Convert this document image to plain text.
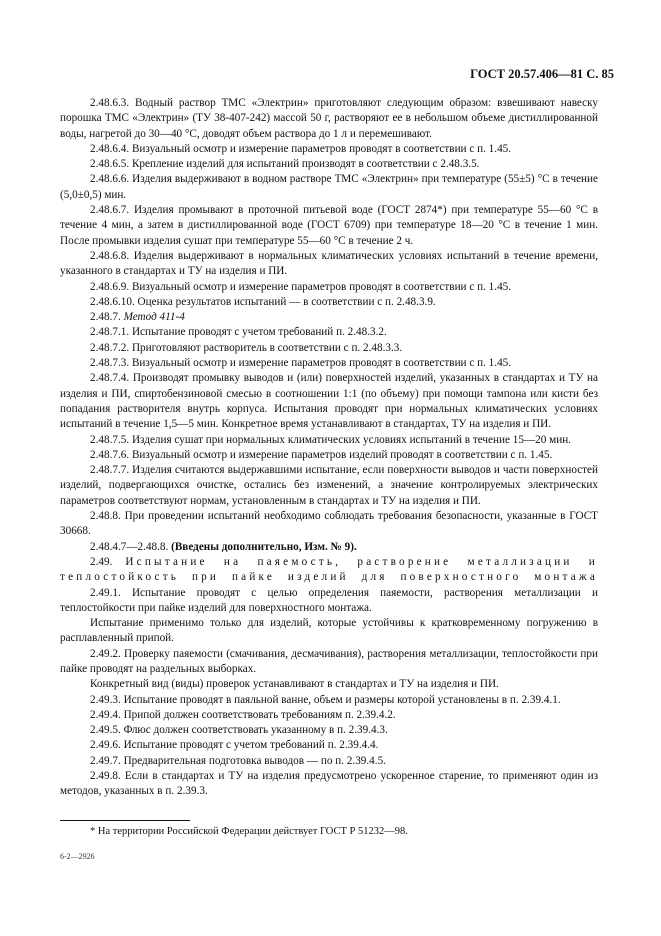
ГОСТ 20.57.406—81 С. 85

2.48.6.3. Водный раствор ТМС «Электрин» приготовляют следующим образом: взвешивают навеску порошка ТМС «Электрин» (ТУ 38-407-242) массой 50 г, растворяют ее в небольшом объеме дистиллированной воды, нагретой до 30—40 °С, доводят объем раствора до 1 л и перемешивают.

2.48.6.4. Визуальный осмотр и измерение параметров проводят в соответствии с п. 1.45.

2.48.6.5. Крепление изделий для испытаний производят в соответствии с 2.48.3.5.

2.48.6.6. Изделия выдерживают в водном растворе ТМС «Электрин» при температуре (55±5) °С в течение (5,0±0,5) мин.

2.48.6.7. Изделия промывают в проточной питьевой воде (ГОСТ 2874*) при температуре 55—60 °С в течение 4 мин, а затем в дистиллированной воде (ГОСТ 6709) при температуре 18—20 °С в течение 1 мин. После промывки изделия сушат при температуре 55—60 °С в течение 2 ч.

2.48.6.8. Изделия выдерживают в нормальных климатических условиях испытаний в течение времени, указанного в стандартах и ТУ на изделия и ПИ.

2.48.6.9. Визуальный осмотр и измерение параметров проводят в соответствии с п. 1.45.

2.48.6.10. Оценка результатов испытаний — в соответствии с п. 2.48.3.9.

2.48.7. Метод 411-4

2.48.7.1. Испытание проводят с учетом требований п. 2.48.3.2.

2.48.7.2. Приготовляют растворитель в соответствии с п. 2.48.3.3.

2.48.7.3. Визуальный осмотр и измерение параметров проводят в соответствии с п. 1.45.

2.48.7.4. Производят промывку выводов и (или) поверхностей изделий, указанных в стандартах и ТУ на изделия и ПИ, спиртобензиновой смесью в соотношении 1:1 (по объему) при помощи тампона или кисти без попадания растворителя внутрь корпуса. Испытания проводят при нормальных климатических условиях испытаний в течение 1,5—5 мин. Конкретное время устанавливают в стандартах, ТУ на изделия и ПИ.

2.48.7.5. Изделия сушат при нормальных климатических условиях испытаний в течение 15—20 мин.

2.48.7.6. Визуальный осмотр и измерение параметров изделий проводят в соответствии с п. 1.45.

2.48.7.7. Изделия считаются выдержавшими испытание, если поверхности выводов и части поверхностей изделий, подвергающихся очистке, остались без изменений, а значение контролируемых электрических параметров соответствуют нормам, установленным в стандартах и ТУ на изделия и ПИ.

2.48.8. При проведении испытаний необходимо соблюдать требования безопасности, указанные в ГОСТ 30668.

2.48.4.7—2.48.8. (Введены дополнительно, Изм. № 9).

2.49. Испытание на паяемость, растворение металлизации и теплостойкость при пайке изделий для поверхностного монтажа

2.49.1. Испытание проводят с целью определения паяемости, растворения металлизации и теплостойкости при пайке изделий для поверхностного монтажа.

Испытание применимо только для изделий, которые устойчивы к кратковременному погружению в расплавленный припой.

2.49.2. Проверку паяемости (смачивания, десмачивания), растворения металлизации, теплостойкости при пайке проводят на раздельных выборках.

Конкретный вид (виды) проверок устанавливают в стандартах и ТУ на изделия и ПИ.

2.49.3. Испытание проводят в паяльной ванне, объем и размеры которой установлены в п. 2.39.4.1.

2.49.4. Припой должен соответствовать требованиям п. 2.39.4.2.

2.49.5. Флюс должен соответствовать указанному в п. 2.39.4.3.

2.49.6. Испытание проводят с учетом требований п. 2.39.4.4.

2.49.7. Предварительная подготовка выводов — по п. 2.39.4.5.

2.49.8. Если в стандартах и ТУ на изделия предусмотрено ускоренное старение, то применяют один из методов, указанных в п. 2.39.3.

* На территории Российской Федерации действует ГОСТ Р 51232—98.
6-2—2926
